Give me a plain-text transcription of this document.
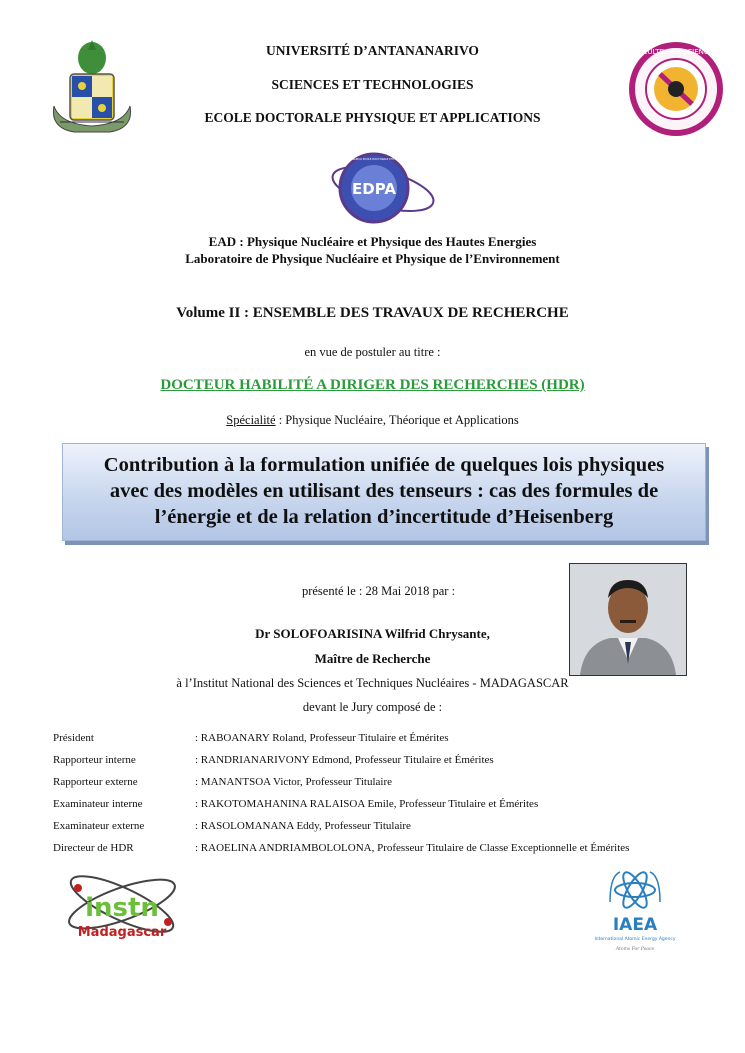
FACULTE DES SCIENCES
UNIVERSITÉ D’ANTANANARIVO
SCIENCES ET TECHNOLOGIES
ECOLE DOCTORALE PHYSIQUE ET APPLICATIONS
EDPA
UNIVERSITE D'ANTANANARIVO ECOLE DOCTORALE PHYSIQUE ET APPLICATIONS
EAD : Physique Nucléaire et Physique des Hautes Energies
Laboratoire de Physique Nucléaire et Physique de l’Environnement
Volume II : ENSEMBLE DES TRAVAUX DE RECHERCHE
en vue de postuler au titre :
DOCTEUR HABILITÉ A DIRIGER DES RECHERCHES (HDR)
Spécialité : Physique Nucléaire, Théorique et Applications
Contribution à la formulation unifiée de quelques lois physiques
avec des modèles en utilisant des tenseurs : cas des formules de
l’énergie et de la relation d’incertitude d’Heisenberg
présenté le : 28 Mai 2018 par :
Dr SOLOFOARISINA Wilfrid Chrysante,
Maître de Recherche
à l’Institut National des Sciences et Techniques Nucléaires - MADAGASCAR
devant le Jury composé de :
Président	: RABOANARY Roland, Professeur Titulaire et Émérites
Rapporteur interne	: RANDRIANARIVONY Edmond, Professeur Titulaire et Émérites
Rapporteur externe	: MANANTSOA Victor, Professeur Titulaire
Examinateur interne	: RAKOTOMAHANINA RALAISOA Emile, Professeur Titulaire et Émérites
Examinateur externe	: RASOLOMANANA Eddy, Professeur Titulaire
Directeur de HDR	: RAOELINA ANDRIAMBOLOLONA, Professeur Titulaire de Classe Exceptionnelle et Émérites
instn
Madagascar	IAEA
International Atomic Energy Agency
Atoms For Peace
